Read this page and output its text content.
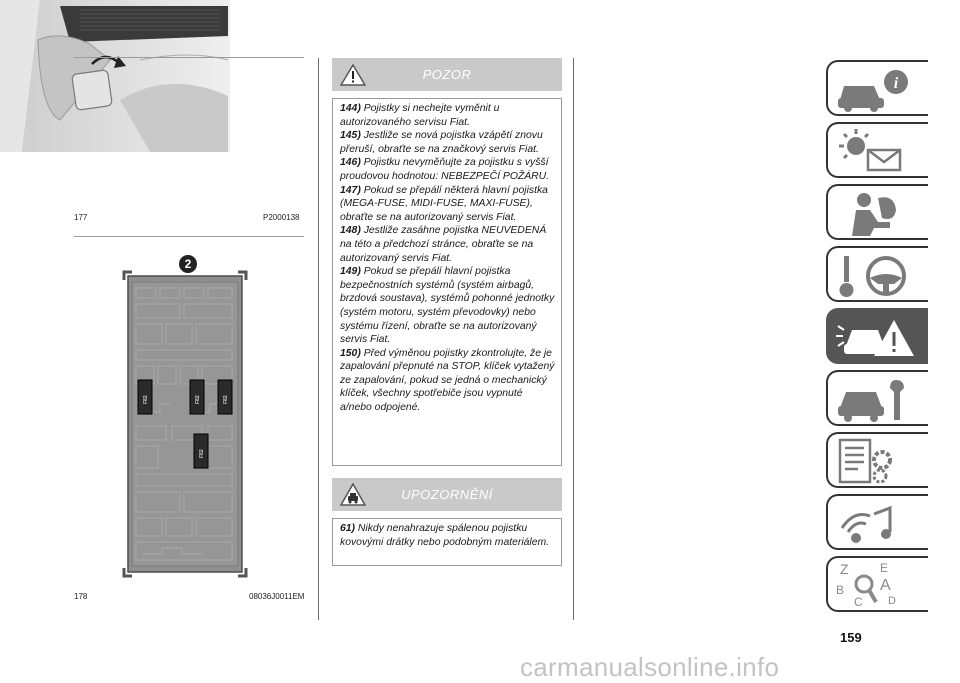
177	P2000138
2
F82	F82	F82
F82
178	08036J0011EM
POZOR

144) Pojistky si nechejte vyměnit u autorizovaného servisu Fiat.

145) Jestliže se nová pojistka vzápětí znovu přeruší, obraťte se na značkový servis Fiat.

146) Pojistku nevyměňujte za pojistku s vyšší proudovou hodnotou: NEBEZPEČÍ POŽÁRU.

147) Pokud se přepálí některá hlavní pojistka (MEGA-FUSE, MIDI-FUSE, MAXI-FUSE), obraťte se na autorizovaný servis Fiat.

148) Jestliže zasáhne pojistka NEUVEDENÁ na této a předchozí stránce, obraťte se na autorizovaný servis Fiat.

149) Pokud se přepálí hlavní pojistka bezpečnostních systémů (systém airbagů, brzdová soustava), systémů pohonné jednotky (systém motoru, systém převodovky) nebo systému řízení, obraťte se na autorizovaný servis Fiat.

150) Před výměnou pojistky zkontrolujte, že je zapalování přepnuté na STOP, klíček vytažený ze zapalování, pokud se jedná o mechanický klíček, všechny spotřebiče jsou vypnuté a/nebo odpojené.

UPOZORNĚNÍ

61) Nikdy nenahrazuje spálenou pojistku kovovými drátky nebo podobným materiálem.

i
Z	E
A
B
C D
159
carmanualsonline.info
